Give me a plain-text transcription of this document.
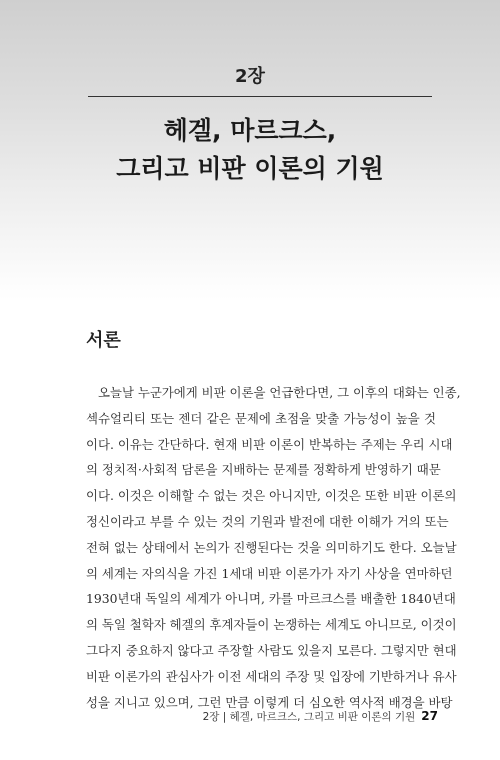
2장
헤겔, 마르크스,
그리고 비판 이론의 기원
서론
오늘날 누군가에게 비판 이론을 언급한다면, 그 이후의 대화는 인종,
섹슈얼리티 또는 젠더 같은 문제에 초점을 맞출 가능성이 높을 것
이다. 이유는 간단하다. 현재 비판 이론이 반복하는 주제는 우리 시대
의 정치적·사회적 담론을 지배하는 문제를 정확하게 반영하기 때문
이다. 이것은 이해할 수 없는 것은 아니지만, 이것은 또한 비판 이론의
정신이라고 부를 수 있는 것의 기원과 발전에 대한 이해가 거의 또는
전혀 없는 상태에서 논의가 진행된다는 것을 의미하기도 한다. 오늘날
의 세계는 자의식을 가진 1세대 비판 이론가가 자기 사상을 연마하던
1930년대 독일의 세계가 아니며, 카를 마르크스를 배출한 1840년대
의 독일 철학자 헤겔의 후계자들이 논쟁하는 세계도 아니므로, 이것이
그다지 중요하지 않다고 주장할 사람도 있을지 모른다. 그렇지만 현대
비판 이론가의 관심사가 이전 세대의 주장 및 입장에 기반하거나 유사
성을 지니고 있으며, 그런 만큼 이렇게 더 심오한 역사적 배경을 바탕
2장 | 헤겔, 마르크스, 그리고 비판 이론의 기원 27
